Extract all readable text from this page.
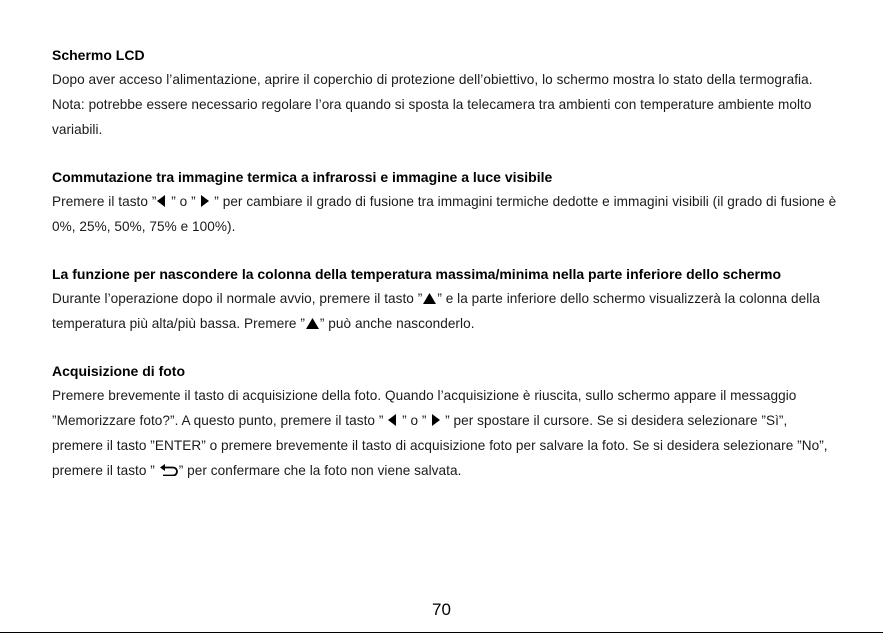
Schermo LCD

Dopo aver acceso l’alimentazione, aprire il coperchio di protezione dell’obiettivo, lo schermo mostra lo stato della termografia. Nota: potrebbe essere necessario regolare l’ora quando si sposta la telecamera tra ambienti con temperature ambiente molto variabili.

Commutazione tra immagine termica a infrarossi e immagine a luce visibile

Premere il tasto ”
” o ”
” per cambiare il grado di fusione tra immagini termiche dedotte e immagini visibili (il grado di fusione è 0%, 25%, 50%, 75% e 100%).

La funzione per nascondere la colonna della temperatura massima/minima nella parte inferiore dello schermo

Durante l’operazione dopo il normale avvio, premere il tasto ” ” e la parte inferiore dello schermo visualizzerà la colonna della temperatura più alta/più bassa. Premere ” ” può anche nasconderlo.

Acquisizione di foto

Premere brevemente il tasto di acquisizione della foto. Quando l’acquisizione è riuscita, sullo schermo appare il messaggio ”Memorizzare foto?”. A questo punto, premere il tasto ”
” o ”
” per spostare il cursore. Se si desidera selezionare ”Sì”, premere il tasto ”ENTER” o premere brevemente il tasto di acquisizione foto per salvare la foto. Se si desidera selezionare ”No”, premere il tasto ”
” per confermare che la foto non viene salvata.

70
